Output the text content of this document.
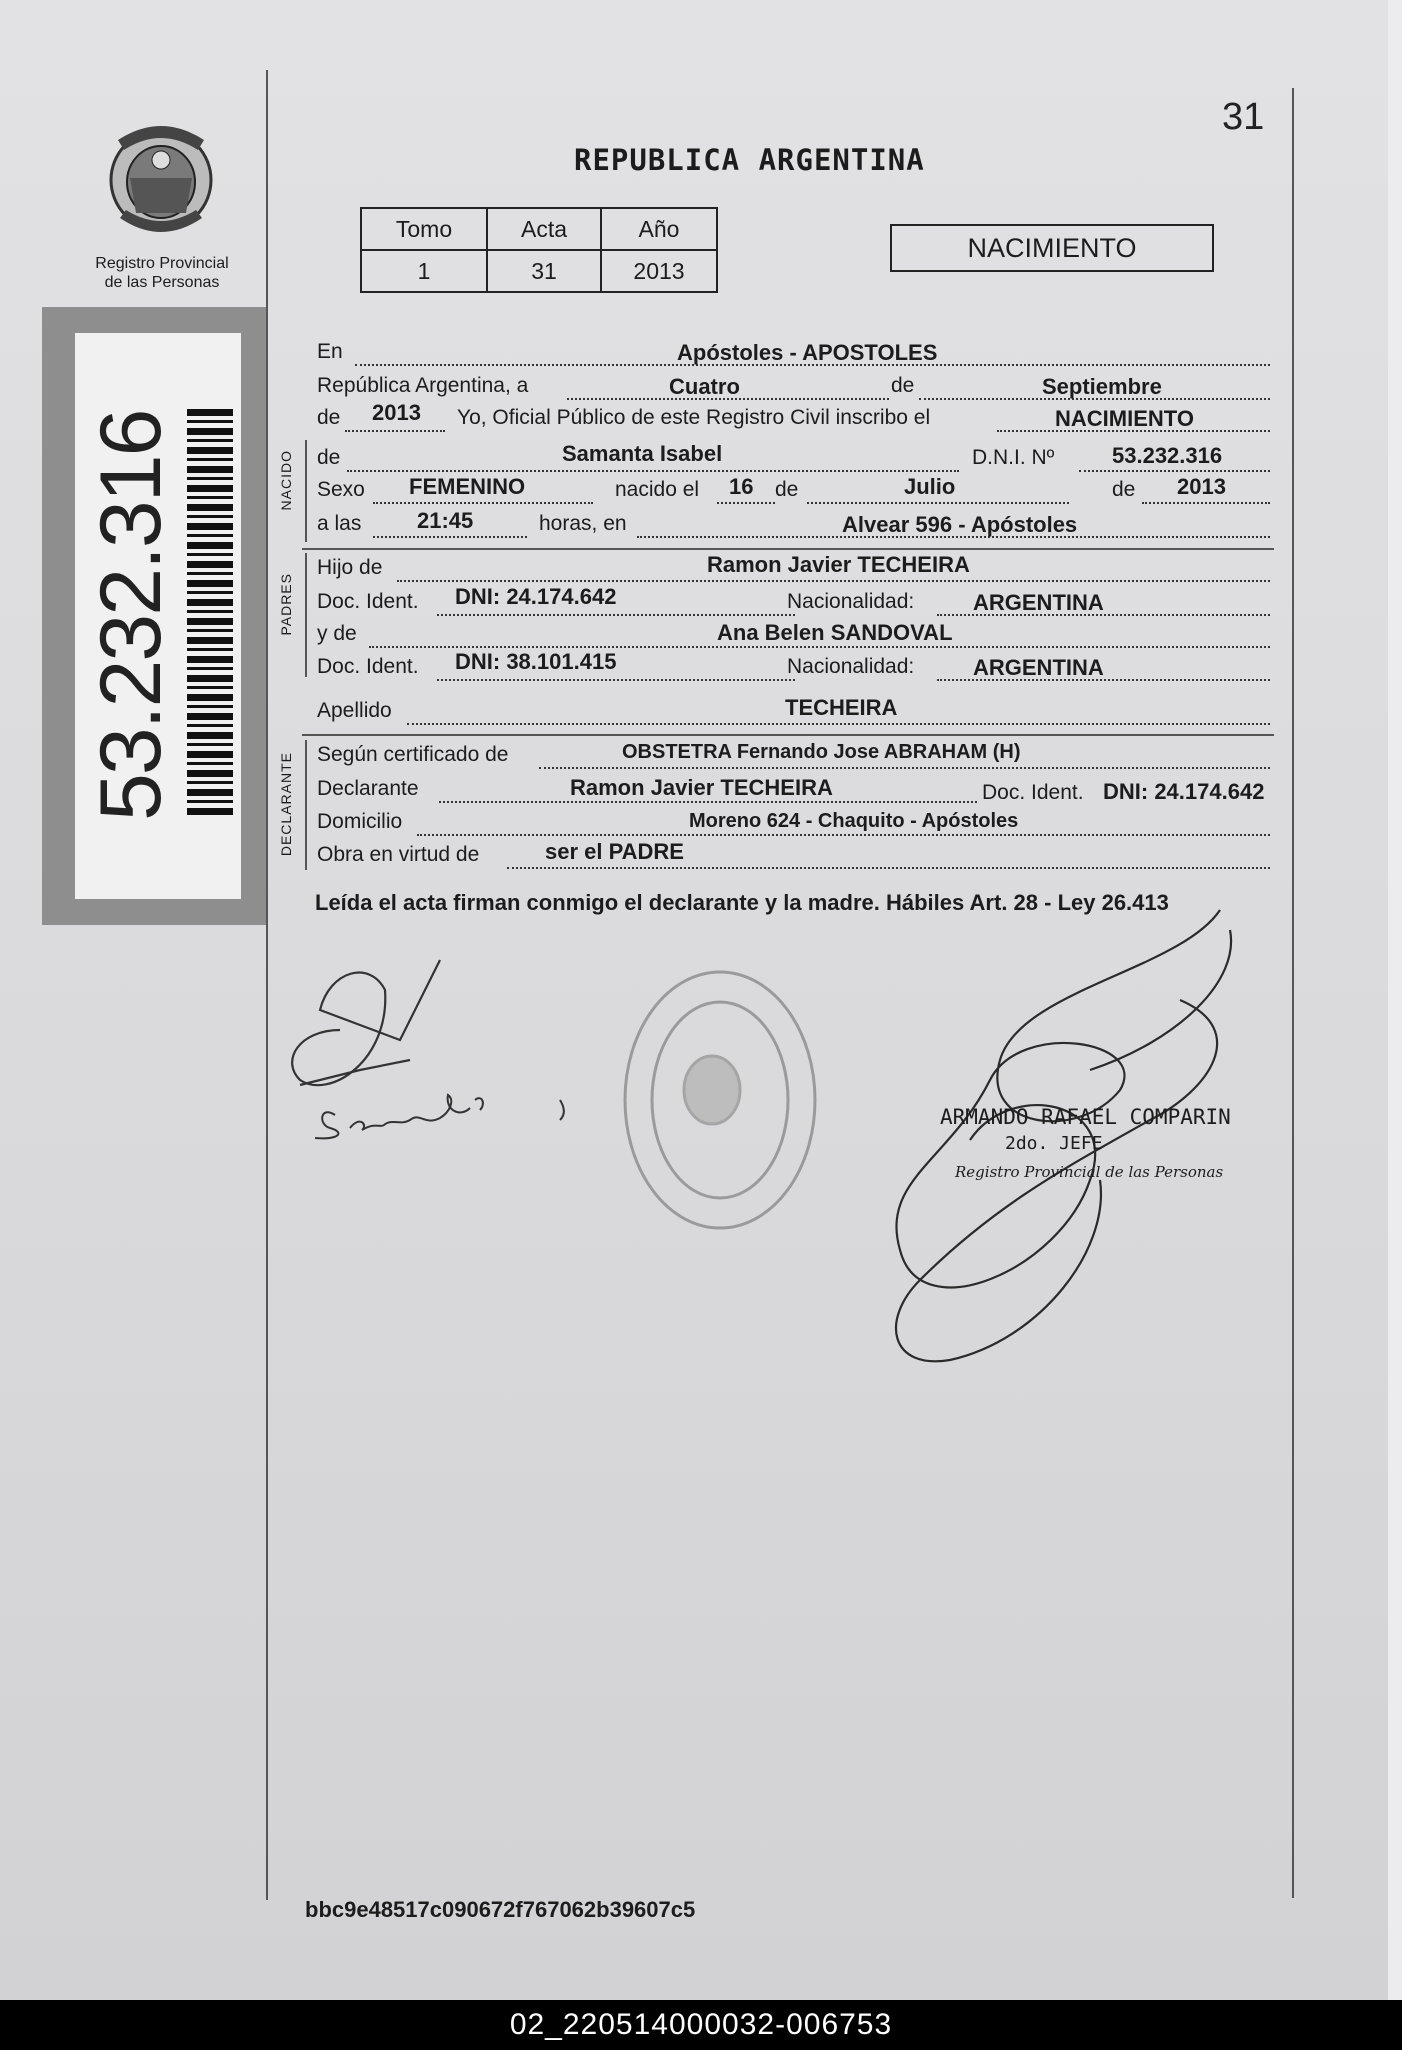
31
REPUBLICA ARGENTINA
Registro Provincial
de las Personas
Tomo	Acta	Año
1	31	2013
NACIMIENTO
53.232.316	NACIDO
PADRES
DECLARANTE
En	Apóstoles - APOSTOLES
República Argentina, a	Cuatro	de	Septiembre
de 2013 Yo, Oficial Público de este Registro Civil inscribo el	NACIMIENTO
de	Samanta Isabel	D.N.I. Nº	53.232.316
Sexo FEMENINO	nacido el 16 de	Julio	de 2013
a las	21:45	horas, en	Alvear 596 - Apóstoles
Hijo de	Ramon Javier TECHEIRA
Doc. Ident. DNI: 24.174.642	Nacionalidad:	ARGENTINA
y de	Ana Belen SANDOVAL
Doc. Ident. DNI: 38.101.415	Nacionalidad:	ARGENTINA
Apellido	TECHEIRA
Según certificado de	OBSTETRA Fernando Jose ABRAHAM (H)
Declarante	Ramon Javier TECHEIRA	Doc. Ident. DNI: 24.174.642
Domicilio	Moreno 624 - Chaquito - Apóstoles
Obra en virtud de	ser el PADRE
Leída el acta firman conmigo el declarante y la madre. Hábiles Art. 28 - Ley 26.413
ARMANDO RAFAEL COMPARIN
2do. JEFE
Registro Provincial de las Personas
bbc9e48517c090672f767062b39607c5
02_220514000032-006753
